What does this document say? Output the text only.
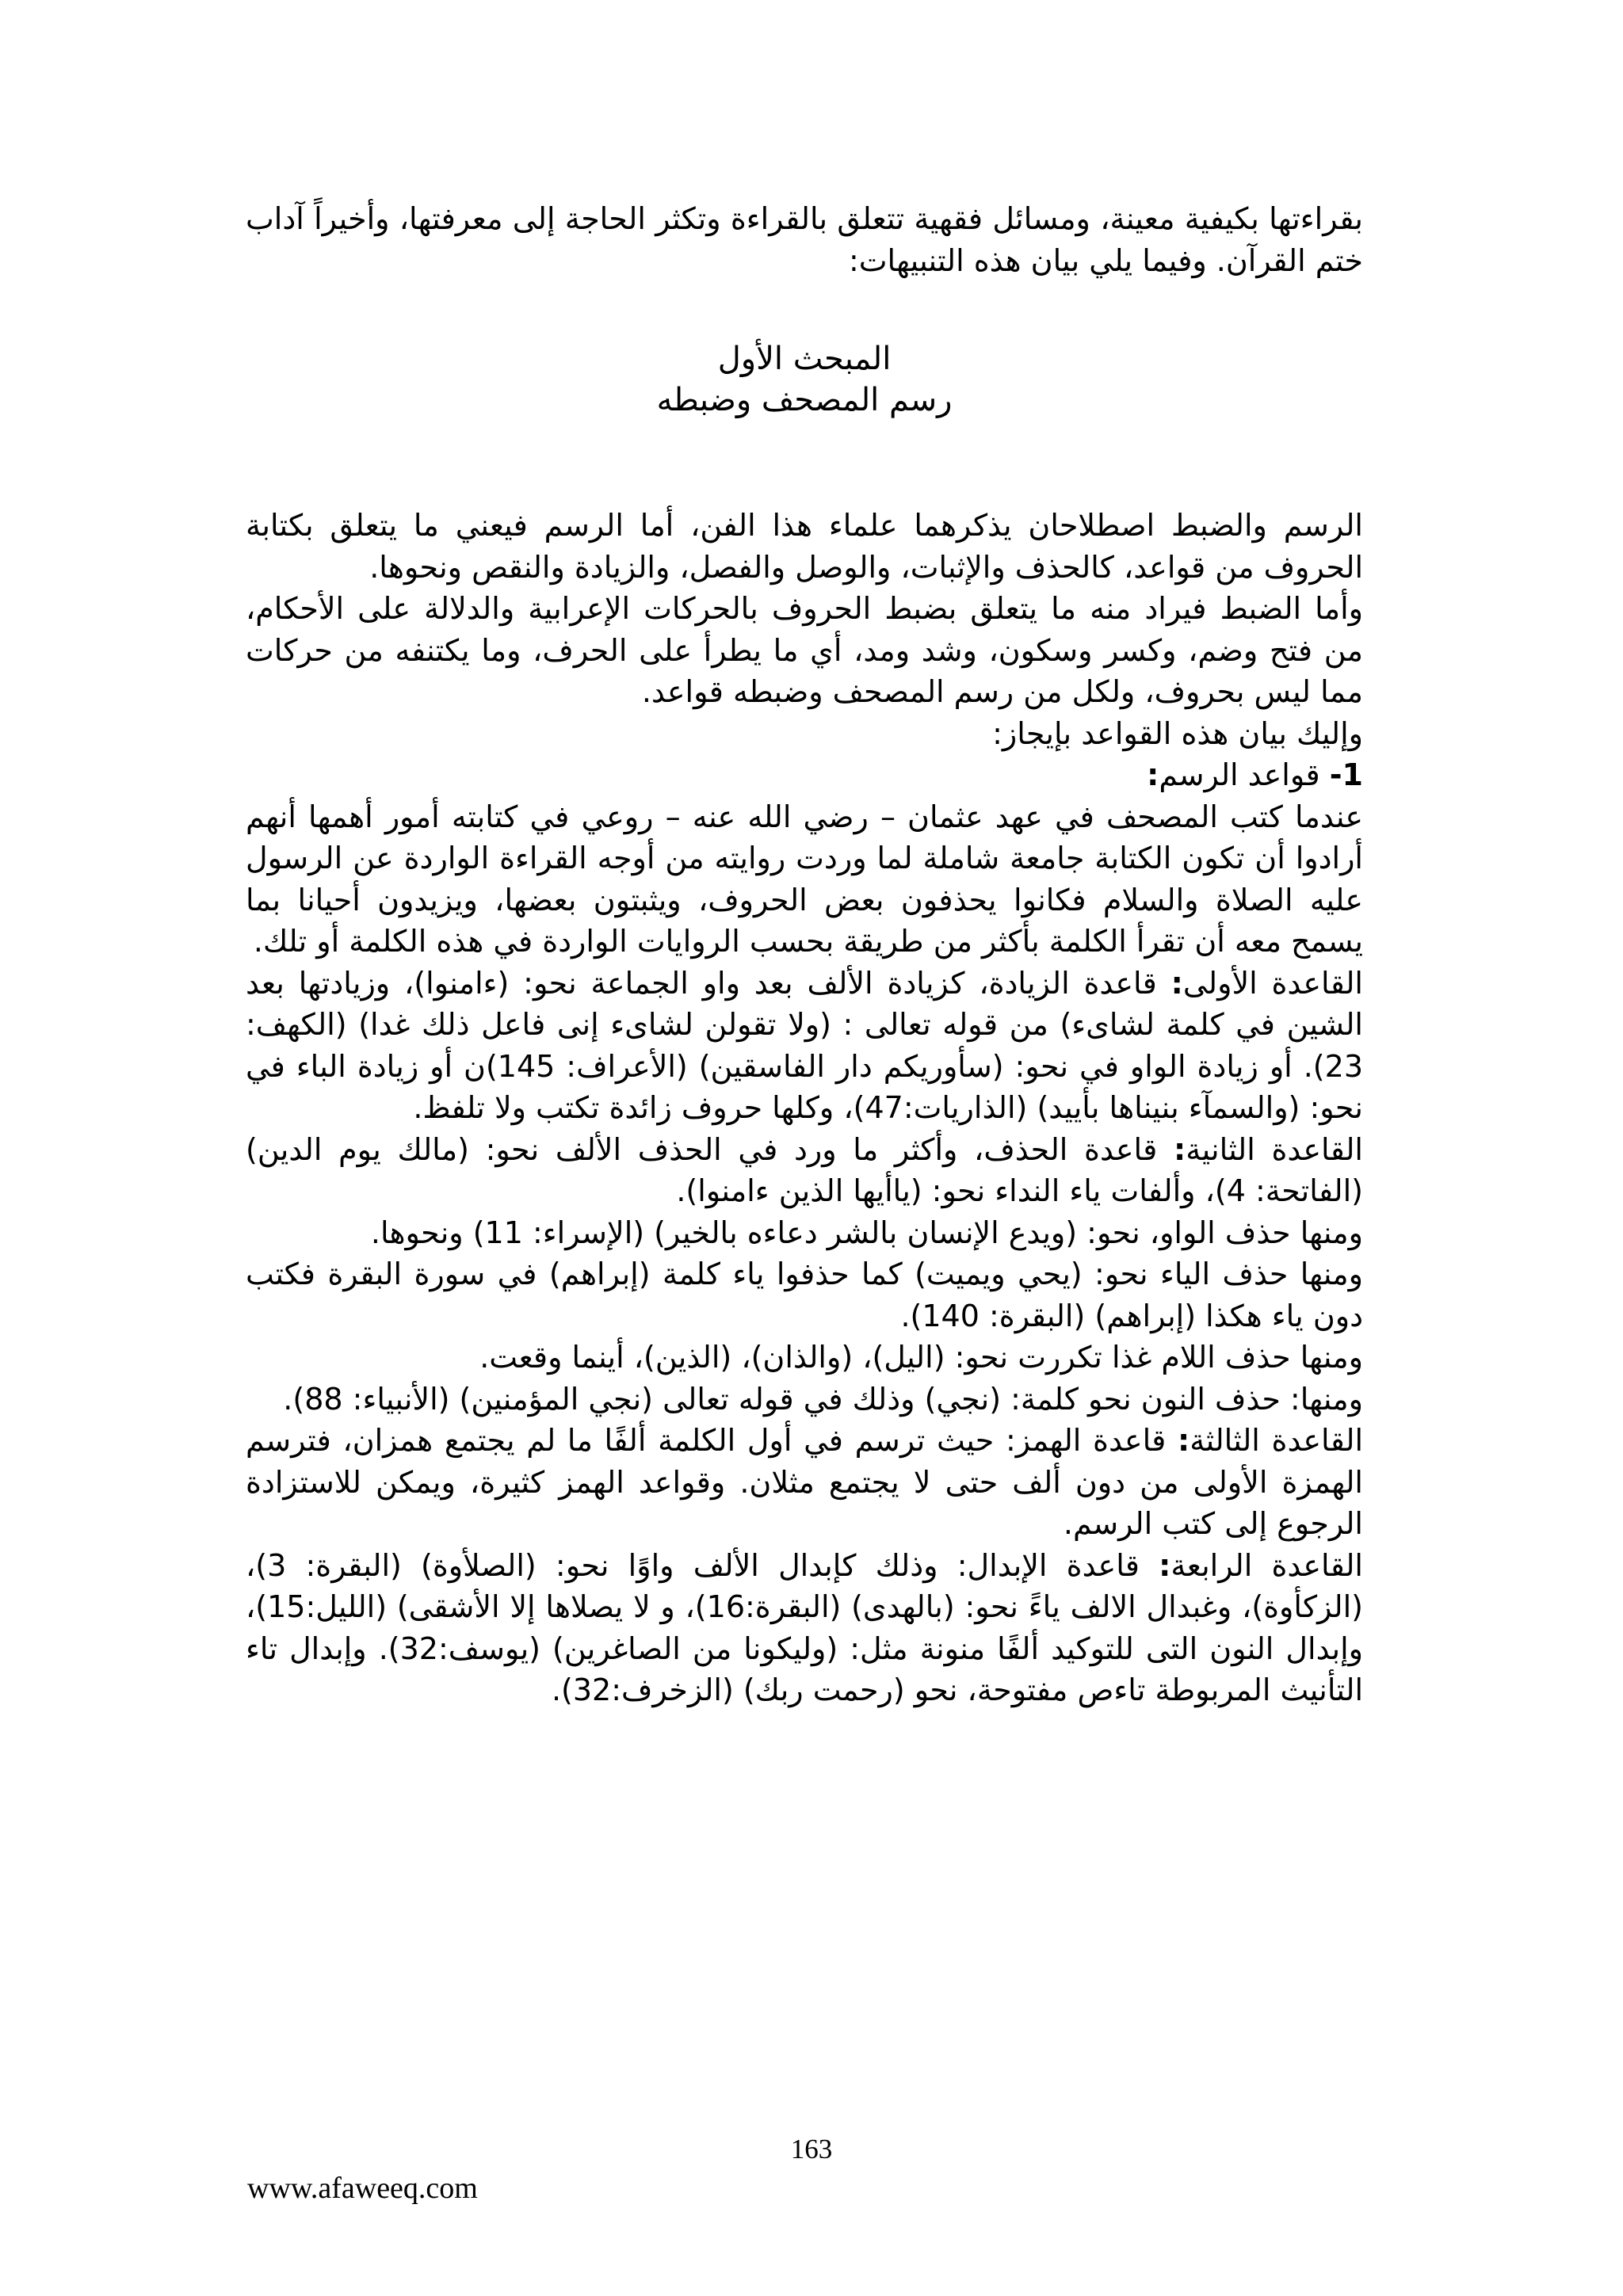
بقراءتها بكيفية معينة، ومسائل فقهية تتعلق بالقراءة وتكثر الحاجة إلى معرفتها، وأخيراً آداب ختم القرآن. وفيما يلي بيان هذه التنبيهات:

المبحث الأول
رسم المصحف وضبطه

الرسم والضبط اصطلاحان يذكرهما علماء هذا الفن، أما الرسم فيعني ما يتعلق بكتابة الحروف من قواعد، كالحذف والإثبات، والوصل والفصل، والزيادة والنقص ونحوها.

وأما الضبط فيراد منه ما يتعلق بضبط الحروف بالحركات الإعرابية والدلالة على الأحكام، من فتح وضم، وكسر وسكون، وشد ومد، أي ما يطرأ على الحرف، وما يكتنفه من حركات مما ليس بحروف، ولكل من رسم المصحف وضبطه قواعد.

وإليك بيان هذه القواعد بإيجاز:

1- قواعد الرسم:

عندما كتب المصحف في عهد عثمان – رضي الله عنه – روعي في كتابته أمور أهمها أنهم أرادوا أن تكون الكتابة جامعة شاملة لما وردت روايته من أوجه القراءة الواردة عن الرسول عليه الصلاة والسلام فكانوا يحذفون بعض الحروف، ويثبتون بعضها، ويزيدون أحيانا بما يسمح معه أن تقرأ الكلمة بأكثر من طريقة بحسب الروايات الواردة في هذه الكلمة أو تلك.

القاعدة الأولى: قاعدة الزيادة، كزيادة الألف بعد واو الجماعة نحو: (ءامنوا)، وزيادتها بعد الشين في كلمة لشاىء) من قوله تعالى : (ولا تقولن لشاىء إنى فاعل ذلك غدا) (الكهف: 23). أو زيادة الواو في نحو: (سأوريكم دار الفاسقين) (الأعراف: 145)ن أو زيادة الباء في نحو: (والسمآء بنيناها بأييد) (الذاريات:47)، وكلها حروف زائدة تكتب ولا تلفظ.

القاعدة الثانية: قاعدة الحذف، وأكثر ما ورد في الحذف الألف نحو: (مالك يوم الدين) (الفاتحة: 4)، وألفات ياء النداء نحو: (ياأيها الذين ءامنوا).

ومنها حذف الواو، نحو: (ويدع الإنسان بالشر دعاءه بالخير) (الإسراء: 11) ونحوها.

ومنها حذف الياء نحو: (يحي ويميت) كما حذفوا ياء كلمة (إبراهم) في سورة البقرة فكتب دون ياء هكذا (إبراهم) (البقرة: 140).

ومنها حذف اللام غذا تكررت نحو: (اليل)، (والذان)، (الذين)، أينما وقعت.

ومنها: حذف النون نحو كلمة: (نجي) وذلك في قوله تعالى (نجي المؤمنين) (الأنبياء: 88).

القاعدة الثالثة: قاعدة الهمز: حيث ترسم في أول الكلمة ألفًا ما لم يجتمع همزان، فترسم الهمزة الأولى من دون ألف حتى لا يجتمع مثلان. وقواعد الهمز كثيرة، ويمكن للاستزادة الرجوع إلى كتب الرسم.

القاعدة الرابعة: قاعدة الإبدال: وذلك كإبدال الألف واوًا نحو: (الصلأوة) (البقرة: 3)، (الزكأوة)، وغبدال الالف ياءً نحو: (بالهدى) (البقرة:16)، و لا يصلاها إلا الأشقى) (الليل:15)، وإبدال النون التى للتوكيد ألفًا منونة مثل: (وليكونا من الصاغرين) (يوسف:32). وإبدال تاء التأنيث المربوطة تاءص مفتوحة، نحو (رحمت ربك) (الزخرف:32).

163
www.afaweeq.com
